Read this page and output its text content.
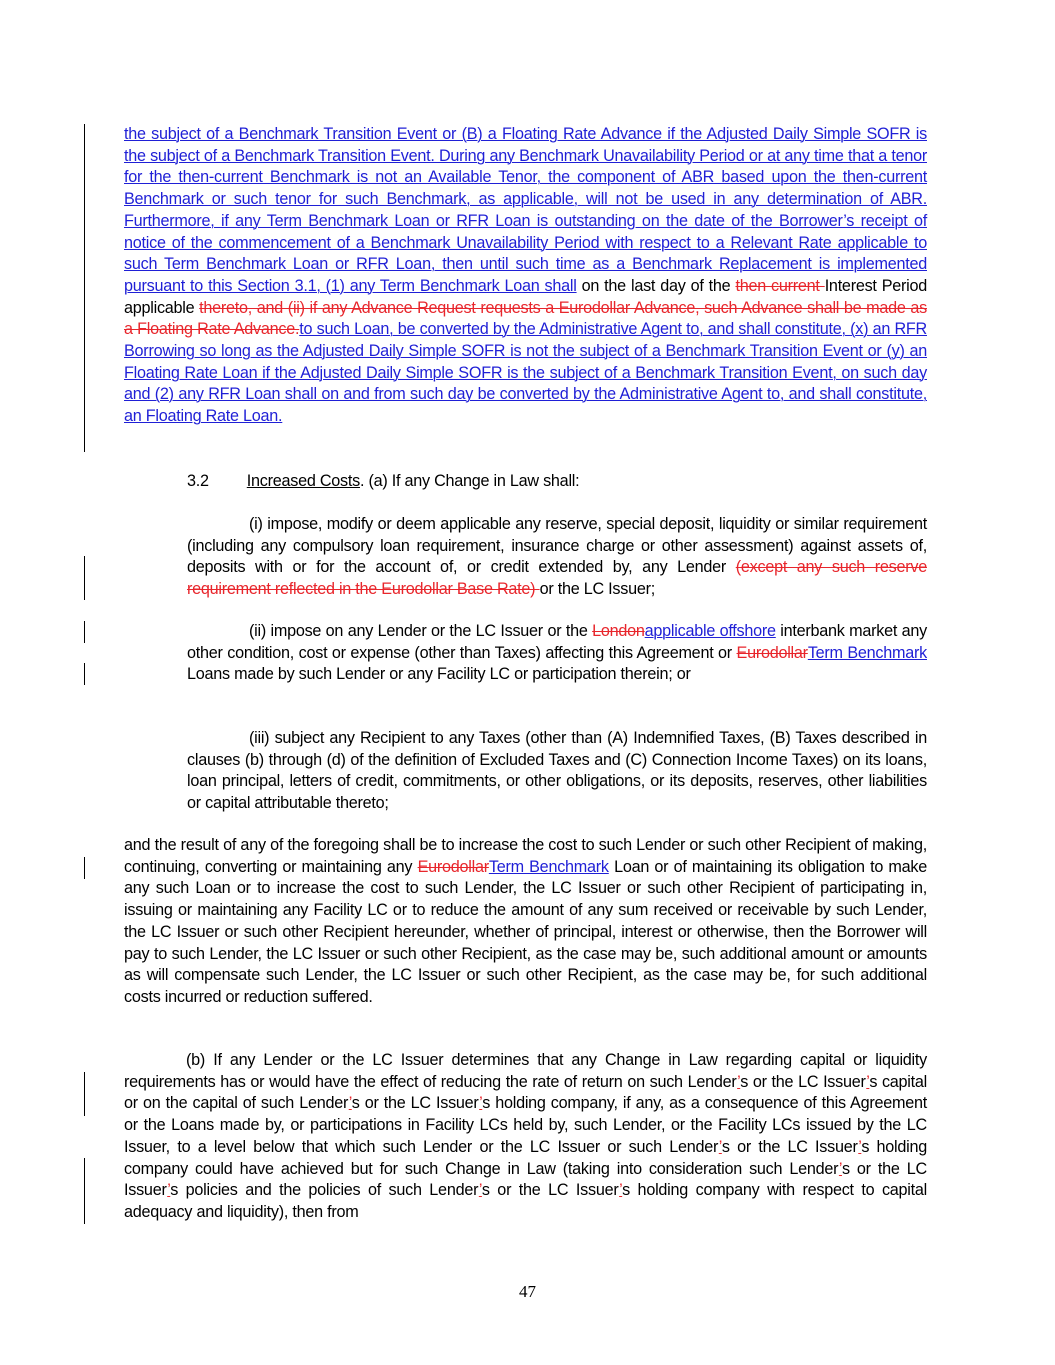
the subject of a Benchmark Transition Event or (B) a Floating Rate Advance if the Adjusted Daily Simple SOFR is the subject of a Benchmark Transition Event. During any Benchmark Unavailability Period or at any time that a tenor for the then-current Benchmark is not an Available Tenor, the component of ABR based upon the then-current Benchmark or such tenor for such Benchmark, as applicable, will not be used in any determination of ABR. Furthermore, if any Term Benchmark Loan or RFR Loan is outstanding on the date of the Borrower’s receipt of notice of the commencement of a Benchmark Unavailability Period with respect to a Relevant Rate applicable to such Term Benchmark Loan or RFR Loan, then until such time as a Benchmark Replacement is implemented pursuant to this Section 3.1, (1) any Term Benchmark Loan shall on the last day of the then current Interest Period applicable thereto, and (ii) if any Advance Request requests a Eurodollar Advance, such Advance shall be made as a Floating Rate Advance.to such Loan, be converted by the Administrative Agent to, and shall constitute, (x) an RFR Borrowing so long as the Adjusted Daily Simple SOFR is not the subject of a Benchmark Transition Event or (y) an Floating Rate Loan if the Adjusted Daily Simple SOFR is the subject of a Benchmark Transition Event, on such day and (2) any RFR Loan shall on and from such day be converted by the Administrative Agent to, and shall constitute, an Floating Rate Loan.
3.2 Increased Costs. (a) If any Change in Law shall:
(i) impose, modify or deem applicable any reserve, special deposit, liquidity or similar requirement (including any compulsory loan requirement, insurance charge or other assessment) against assets of, deposits with or for the account of, or credit extended by, any Lender (except any such reserve requirement reflected in the Eurodollar Base Rate) or the LC Issuer;
(ii) impose on any Lender or the LC Issuer or the Londonapplicable offshore interbank market any other condition, cost or expense (other than Taxes) affecting this Agreement or EurodollarTerm Benchmark Loans made by such Lender or any Facility LC or participation therein; or
(iii) subject any Recipient to any Taxes (other than (A) Indemnified Taxes, (B) Taxes described in clauses (b) through (d) of the definition of Excluded Taxes and (C) Connection Income Taxes) on its loans, loan principal, letters of credit, commitments, or other obligations, or its deposits, reserves, other liabilities or capital attributable thereto;
and the result of any of the foregoing shall be to increase the cost to such Lender or such other Recipient of making, continuing, converting or maintaining any EurodollarTerm Benchmark Loan or of maintaining its obligation to make any such Loan or to increase the cost to such Lender, the LC Issuer or such other Recipient of participating in, issuing or maintaining any Facility LC or to reduce the amount of any sum received or receivable by such Lender, the LC Issuer or such other Recipient hereunder, whether of principal, interest or otherwise, then the Borrower will pay to such Lender, the LC Issuer or such other Recipient, as the case may be, such additional amount or amounts as will compensate such Lender, the LC Issuer or such other Recipient, as the case may be, for such additional costs incurred or reduction suffered.
(b) If any Lender or the LC Issuer determines that any Change in Law regarding capital or liquidity requirements has or would have the effect of reducing the rate of return on such Lender’s or the LC Issuer’s capital or on the capital of such Lender’s or the LC Issuer’s holding company, if any, as a consequence of this Agreement or the Loans made by, or participations in Facility LCs held by, such Lender, or the Facility LCs issued by the LC Issuer, to a level below that which such Lender or the LC Issuer or such Lender’s or the LC Issuer’s holding company could have achieved but for such Change in Law (taking into consideration such Lender’s or the LC Issuer’s policies and the policies of such Lender’s or the LC Issuer’s holding company with respect to capital adequacy and liquidity), then from
47
